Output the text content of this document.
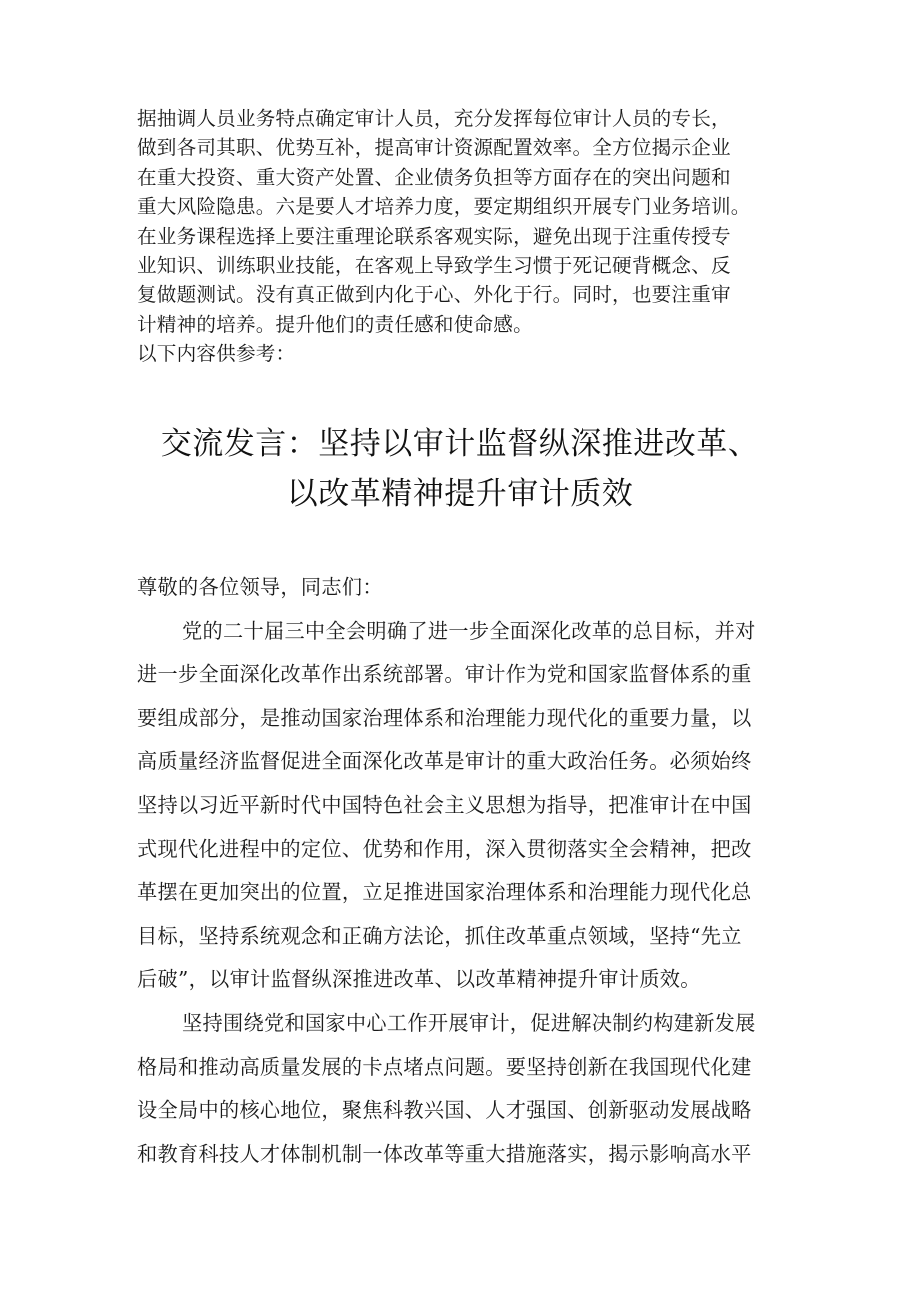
据抽调人员业务特点确定审计人员，充分发挥每位审计人员的专长，
做到各司其职、优势互补，提高审计资源配置效率。全方位揭示企业
在重大投资、重大资产处置、企业债务负担等方面存在的突出问题和
重大风险隐患。六是要人才培养力度，要定期组织开展专门业务培训。
在业务课程选择上要注重理论联系客观实际，避免出现于注重传授专
业知识、训练职业技能，在客观上导致学生习惯于死记硬背概念、反
复做题测试。没有真正做到内化于心、外化于行。同时，也要注重审
计精神的培养。提升他们的责任感和使命感。
以下内容供参考：
交流发言：坚持以审计监督纵深推进改革、
以改革精神提升审计质效
尊敬的各位领导，同志们：
党的二十届三中全会明确了进一步全面深化改革的总目标，并对
进一步全面深化改革作出系统部署。审计作为党和国家监督体系的重
要组成部分，是推动国家治理体系和治理能力现代化的重要力量，以
高质量经济监督促进全面深化改革是审计的重大政治任务。必须始终
坚持以习近平新时代中国特色社会主义思想为指导，把准审计在中国
式现代化进程中的定位、优势和作用，深入贯彻落实全会精神，把改
革摆在更加突出的位置，立足推进国家治理体系和治理能力现代化总
目标，坚持系统观念和正确方法论，抓住改革重点领域，坚持“先立
后破”，以审计监督纵深推进改革、以改革精神提升审计质效。
坚持围绕党和国家中心工作开展审计，促进解决制约构建新发展
格局和推动高质量发展的卡点堵点问题。要坚持创新在我国现代化建
设全局中的核心地位，聚焦科教兴国、人才强国、创新驱动发展战略
和教育科技人才体制机制一体改革等重大措施落实，揭示影响高水平
